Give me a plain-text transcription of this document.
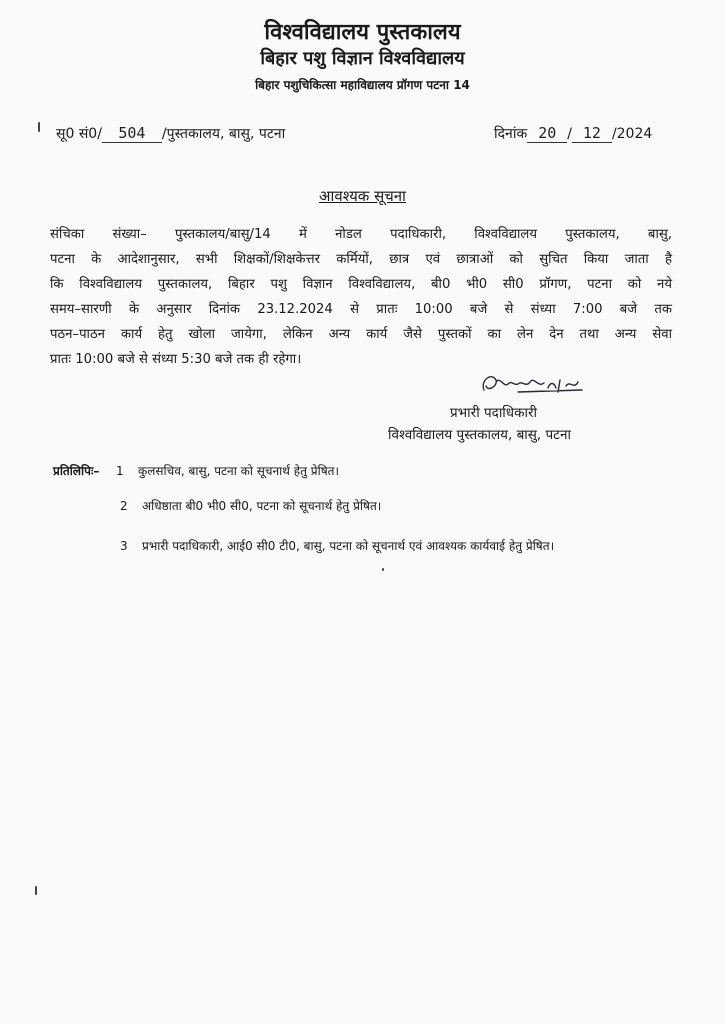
विश्वविद्यालय पुस्तकालय
बिहार पशु विज्ञान विश्वविद्यालय
बिहार पशुचिकित्सा महाविद्यालय प्रॉगण पटना 14
सू0 सं0/ 504 /पुस्तकालय, बासु, पटना	दिनांक 20 / 12 /2024
आवश्यक सूचना
संचिका संख्या– पुस्तकालय/बासु/14 में नोडल पदाधिकारी, विश्वविद्यालय पुस्तकालय, बासु,
पटना के आदेशानुसार, सभी शिक्षकों/शिक्षकेत्तर कर्मियों, छात्र एवं छात्राओं को सुचित किया जाता है
कि विश्वविद्यालय पुस्तकालय, बिहार पशु विज्ञान विश्वविद्यालय, बी0 भी0 सी0 प्रॉगण, पटना को नये
समय–सारणी के अनुसार दिनांक 23.12.2024 से प्रातः 10:00 बजे से संध्या 7:00 बजे तक
पठन–पाठन कार्य हेतु खोला जायेगा, लेकिन अन्य कार्य जैसे पुस्तकों का लेन देन तथा अन्य सेवा
प्रातः 10:00 बजे से संध्या 5:30 बजे तक ही रहेगा।
प्रभारी पदाधिकारी
विश्वविद्यालय पुस्तकालय, बासु, पटना
प्रतिलिपिः– 1 कुलसचिव, बासु, पटना को सूचनार्थ हेतु प्रेषित।
2 अधिष्ठाता बी0 भी0 सी0, पटना को सूचनार्थ हेतु प्रेषित।
3 प्रभारी पदाधिकारी, आई0 सी0 टी0, बासु, पटना को सूचनार्थ एवं आवश्यक कार्यवाई हेतु प्रेषित।
